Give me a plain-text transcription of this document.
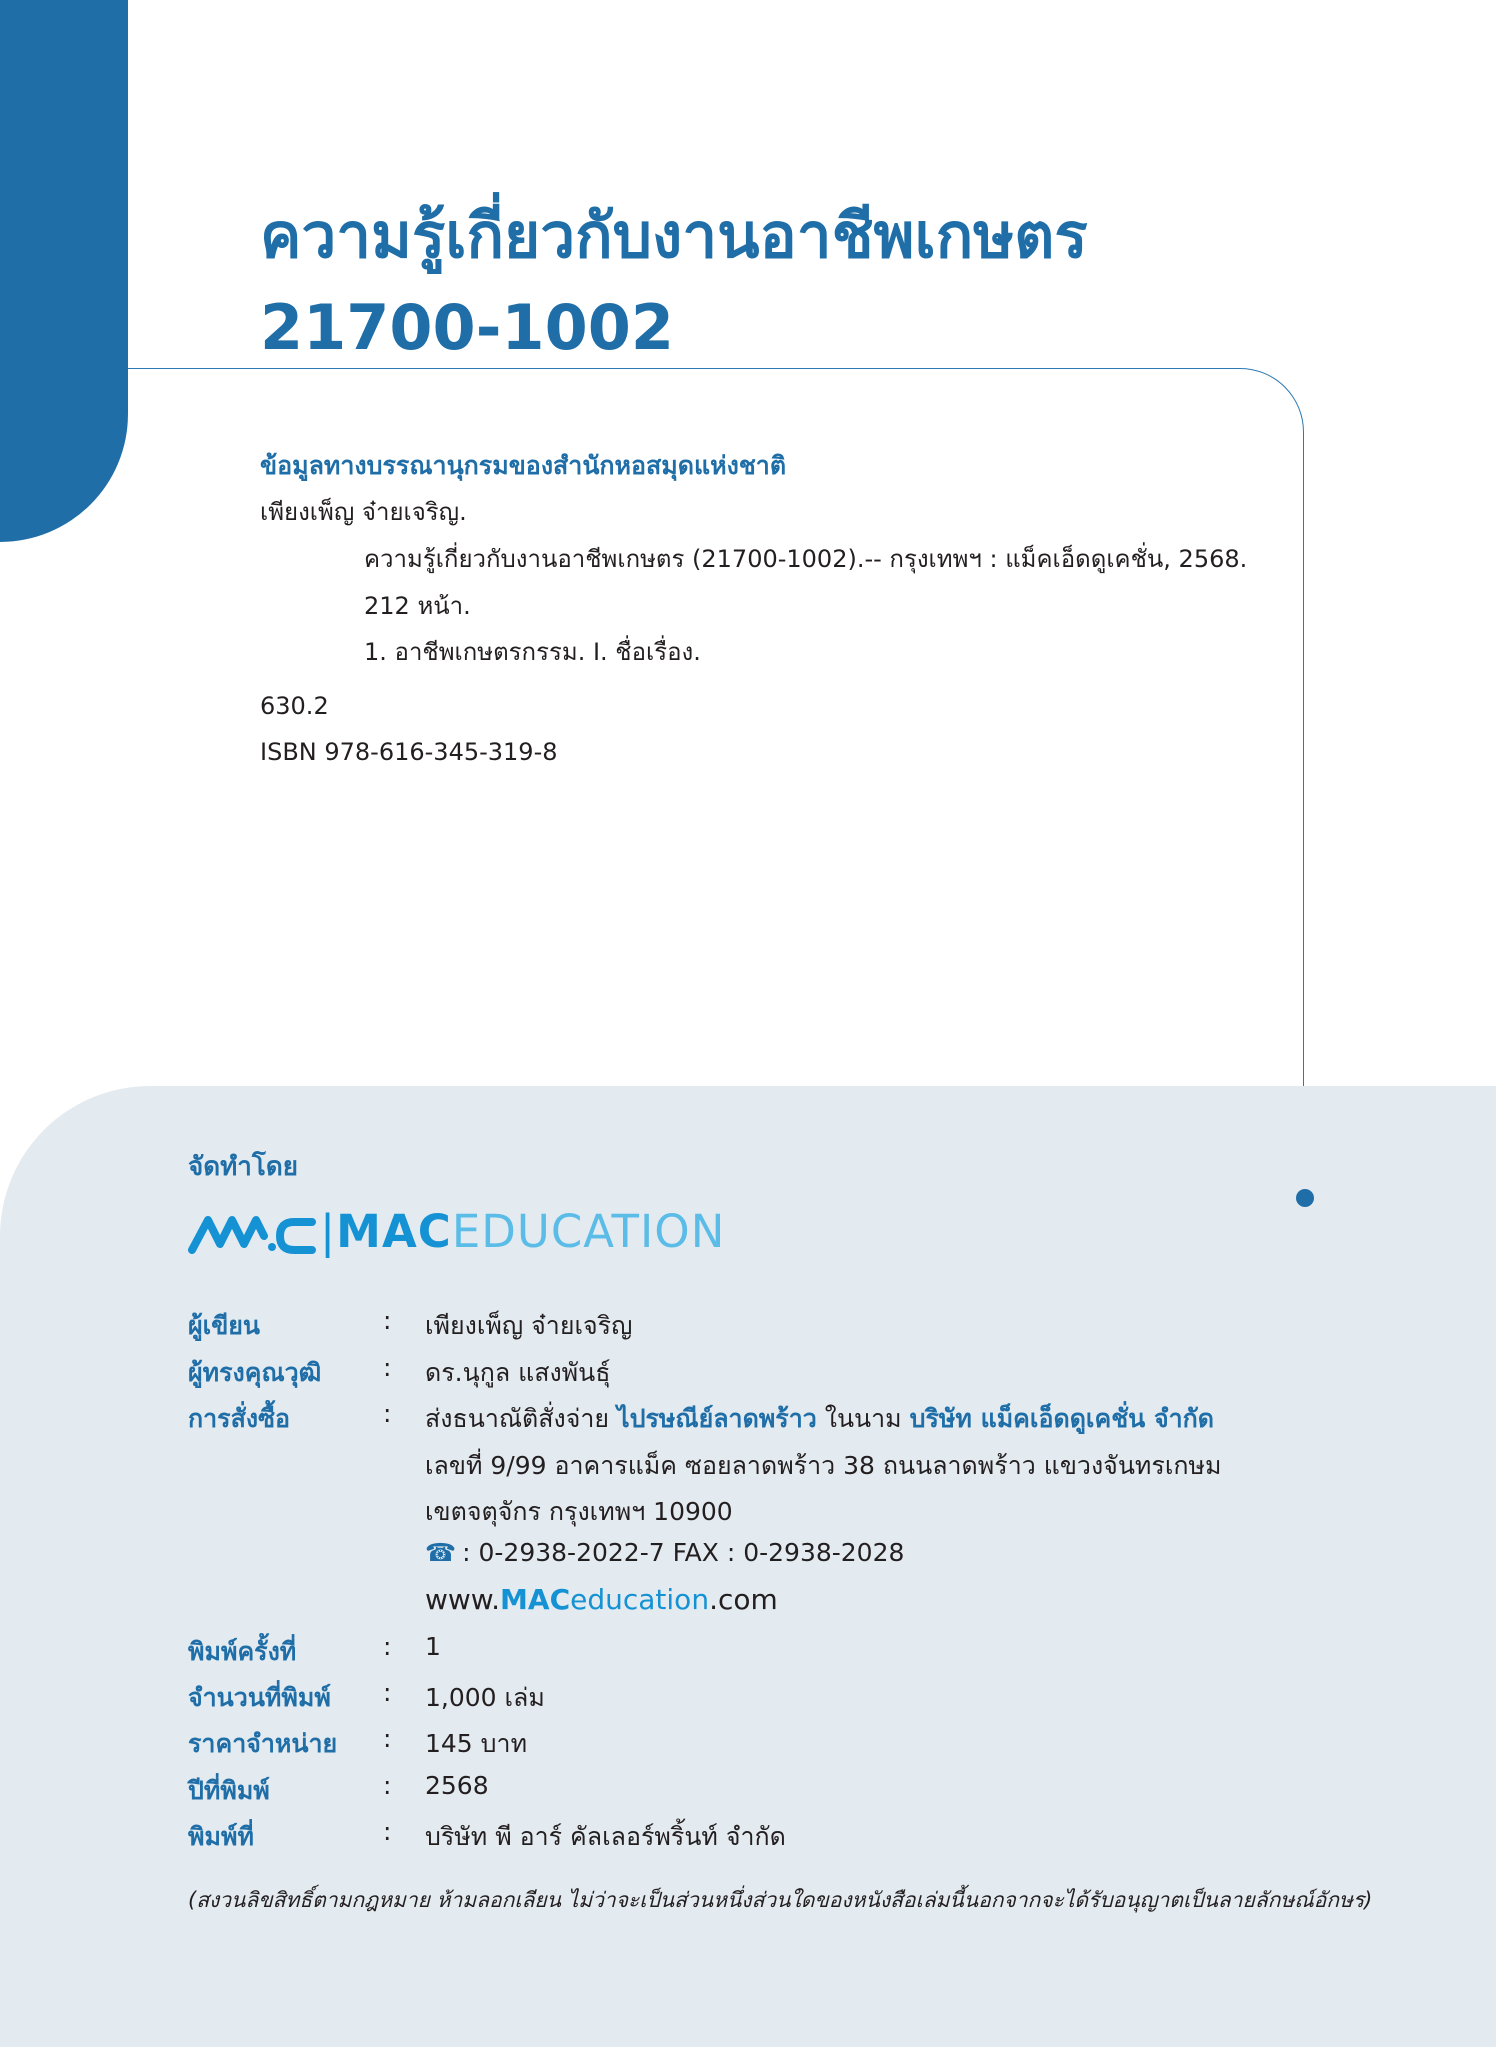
ความรู้เกี่ยวกับงานอาชีพเกษตร
21700-1002
ข้อมูลทางบรรณานุกรมของสำนักหอสมุดแห่งชาติ
เพียงเพ็ญ จ๋ายเจริญ.
ความรู้เกี่ยวกับงานอาชีพเกษตร (21700-1002).-- กรุงเทพฯ : แม็คเอ็ดดูเคชั่น, 2568.
212 หน้า.
1. อาชีพเกษตรกรรม. I. ชื่อเรื่อง.
630.2
ISBN 978-616-345-319-8
จัดทำโดย
|MACEDUCATION
ผู้เขียน	: เพียงเพ็ญ จ๋ายเจริญ
ผู้ทรงคุณวุฒิ : ดร.นุกูล แสงพันธุ์
การสั่งซื้อ	: ส่งธนาณัติสั่งจ่าย ไปรษณีย์ลาดพร้าว ในนาม บริษัท แม็คเอ็ดดูเคชั่น จำกัด
เลขที่ 9/99 อาคารแม็ค ซอยลาดพร้าว 38 ถนนลาดพร้าว แขวงจันทรเกษม
เขตจตุจักร กรุงเทพฯ 10900
☎ : 0-2938-2022-7 FAX : 0-2938-2028
www.MACeducation.com
พิมพ์ครั้งที่	: 1
จำนวนที่พิมพ์ : 1,000 เล่ม
ราคาจำหน่าย : 145 บาท
ปีที่พิมพ์	: 2568
พิมพ์ที่	: บริษัท พี อาร์ คัลเลอร์พริ้นท์ จำกัด
(สงวนลิขสิทธิ์ตามกฎหมาย ห้ามลอกเลียน ไม่ว่าจะเป็นส่วนหนึ่งส่วนใดของหนังสือเล่มนี้นอกจากจะได้รับอนุญาตเป็นลายลักษณ์อักษร)
